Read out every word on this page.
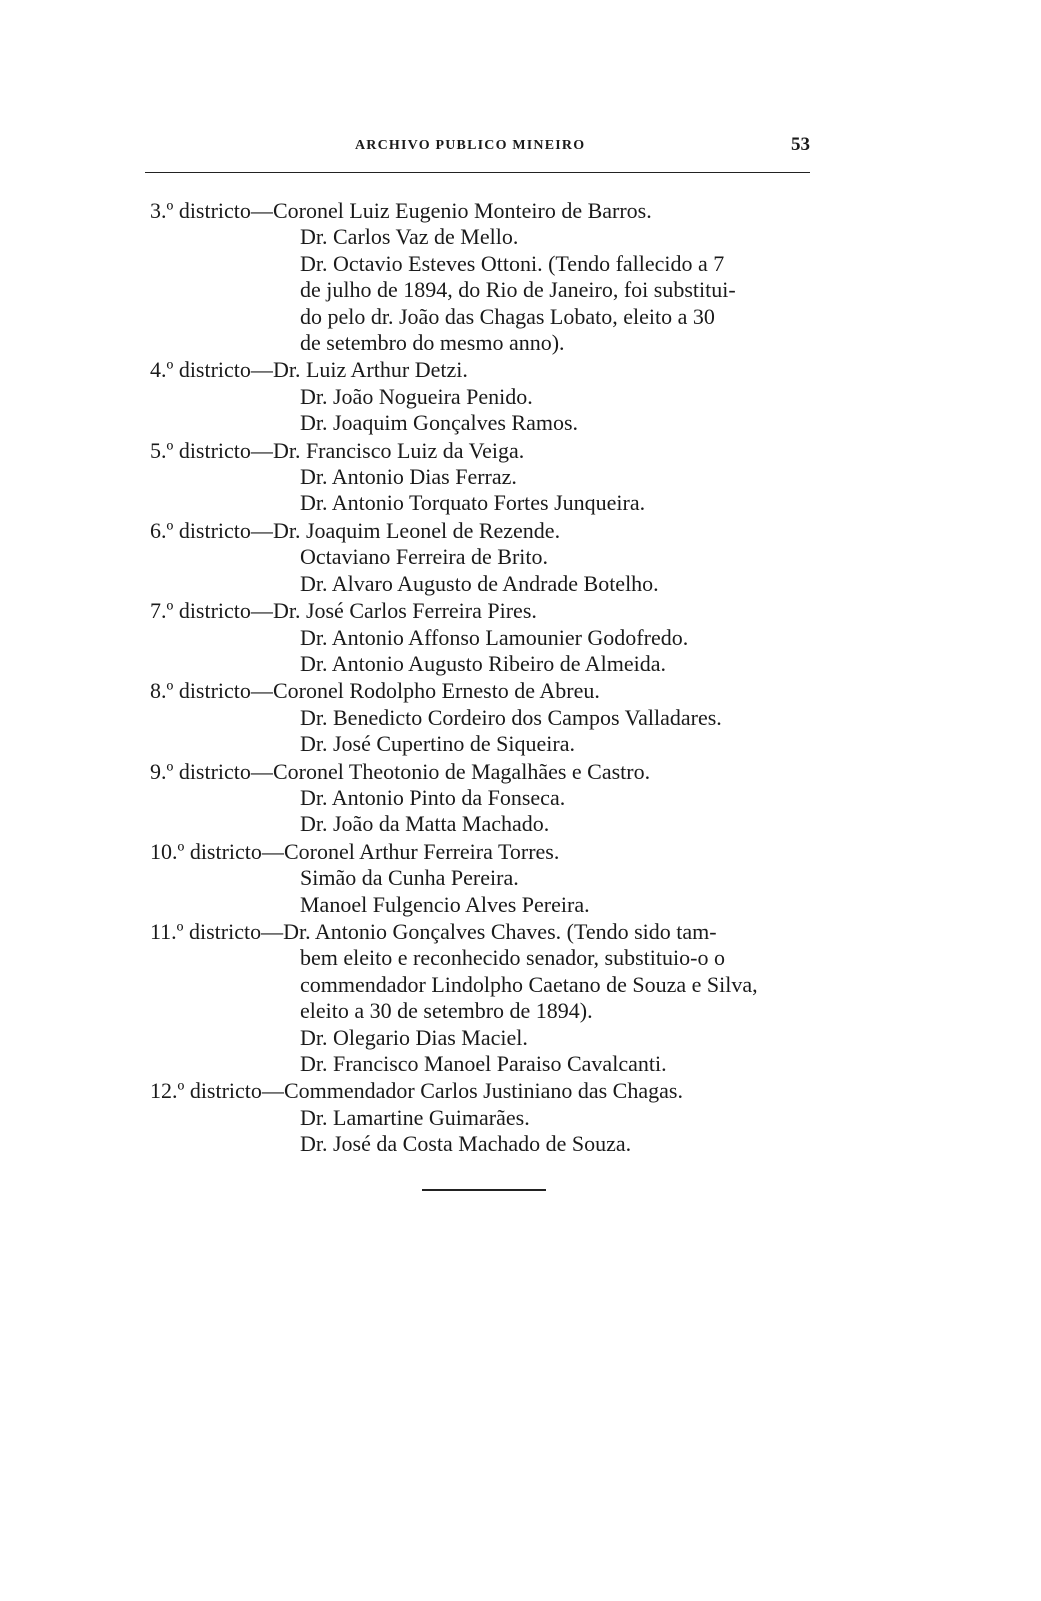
ARCHIVO PUBLICO MINEIRO	53
3.º districto—Coronel Luiz Eugenio Monteiro de Barros.
Dr. Carlos Vaz de Mello.
Dr. Octavio Esteves Ottoni. (Tendo fallecido a 7
de julho de 1894, do Rio de Janeiro, foi substitui-
do pelo dr. João das Chagas Lobato, eleito a 30
de setembro do mesmo anno).
4.º districto—Dr. Luiz Arthur Detzi.
Dr. João Nogueira Penido.
Dr. Joaquim Gonçalves Ramos.
5.º districto—Dr. Francisco Luiz da Veiga.
Dr. Antonio Dias Ferraz.
Dr. Antonio Torquato Fortes Junqueira.
6.º districto—Dr. Joaquim Leonel de Rezende.
Octaviano Ferreira de Brito.
Dr. Alvaro Augusto de Andrade Botelho.
7.º districto—Dr. José Carlos Ferreira Pires.
Dr. Antonio Affonso Lamounier Godofredo.
Dr. Antonio Augusto Ribeiro de Almeida.
8.º districto—Coronel Rodolpho Ernesto de Abreu.
Dr. Benedicto Cordeiro dos Campos Valladares.
Dr. José Cupertino de Siqueira.
9.º districto—Coronel Theotonio de Magalhães e Castro.
Dr. Antonio Pinto da Fonseca.
Dr. João da Matta Machado.
10.º districto—Coronel Arthur Ferreira Torres.
Simão da Cunha Pereira.
Manoel Fulgencio Alves Pereira.
11.º districto—Dr. Antonio Gonçalves Chaves. (Tendo sido tam-
bem eleito e reconhecido senador, substituio-o o
commendador Lindolpho Caetano de Souza e Silva,
eleito a 30 de setembro de 1894).
Dr. Olegario Dias Maciel.
Dr. Francisco Manoel Paraiso Cavalcanti.
12.º districto—Commendador Carlos Justiniano das Chagas.
Dr. Lamartine Guimarães.
Dr. José da Costa Machado de Souza.
